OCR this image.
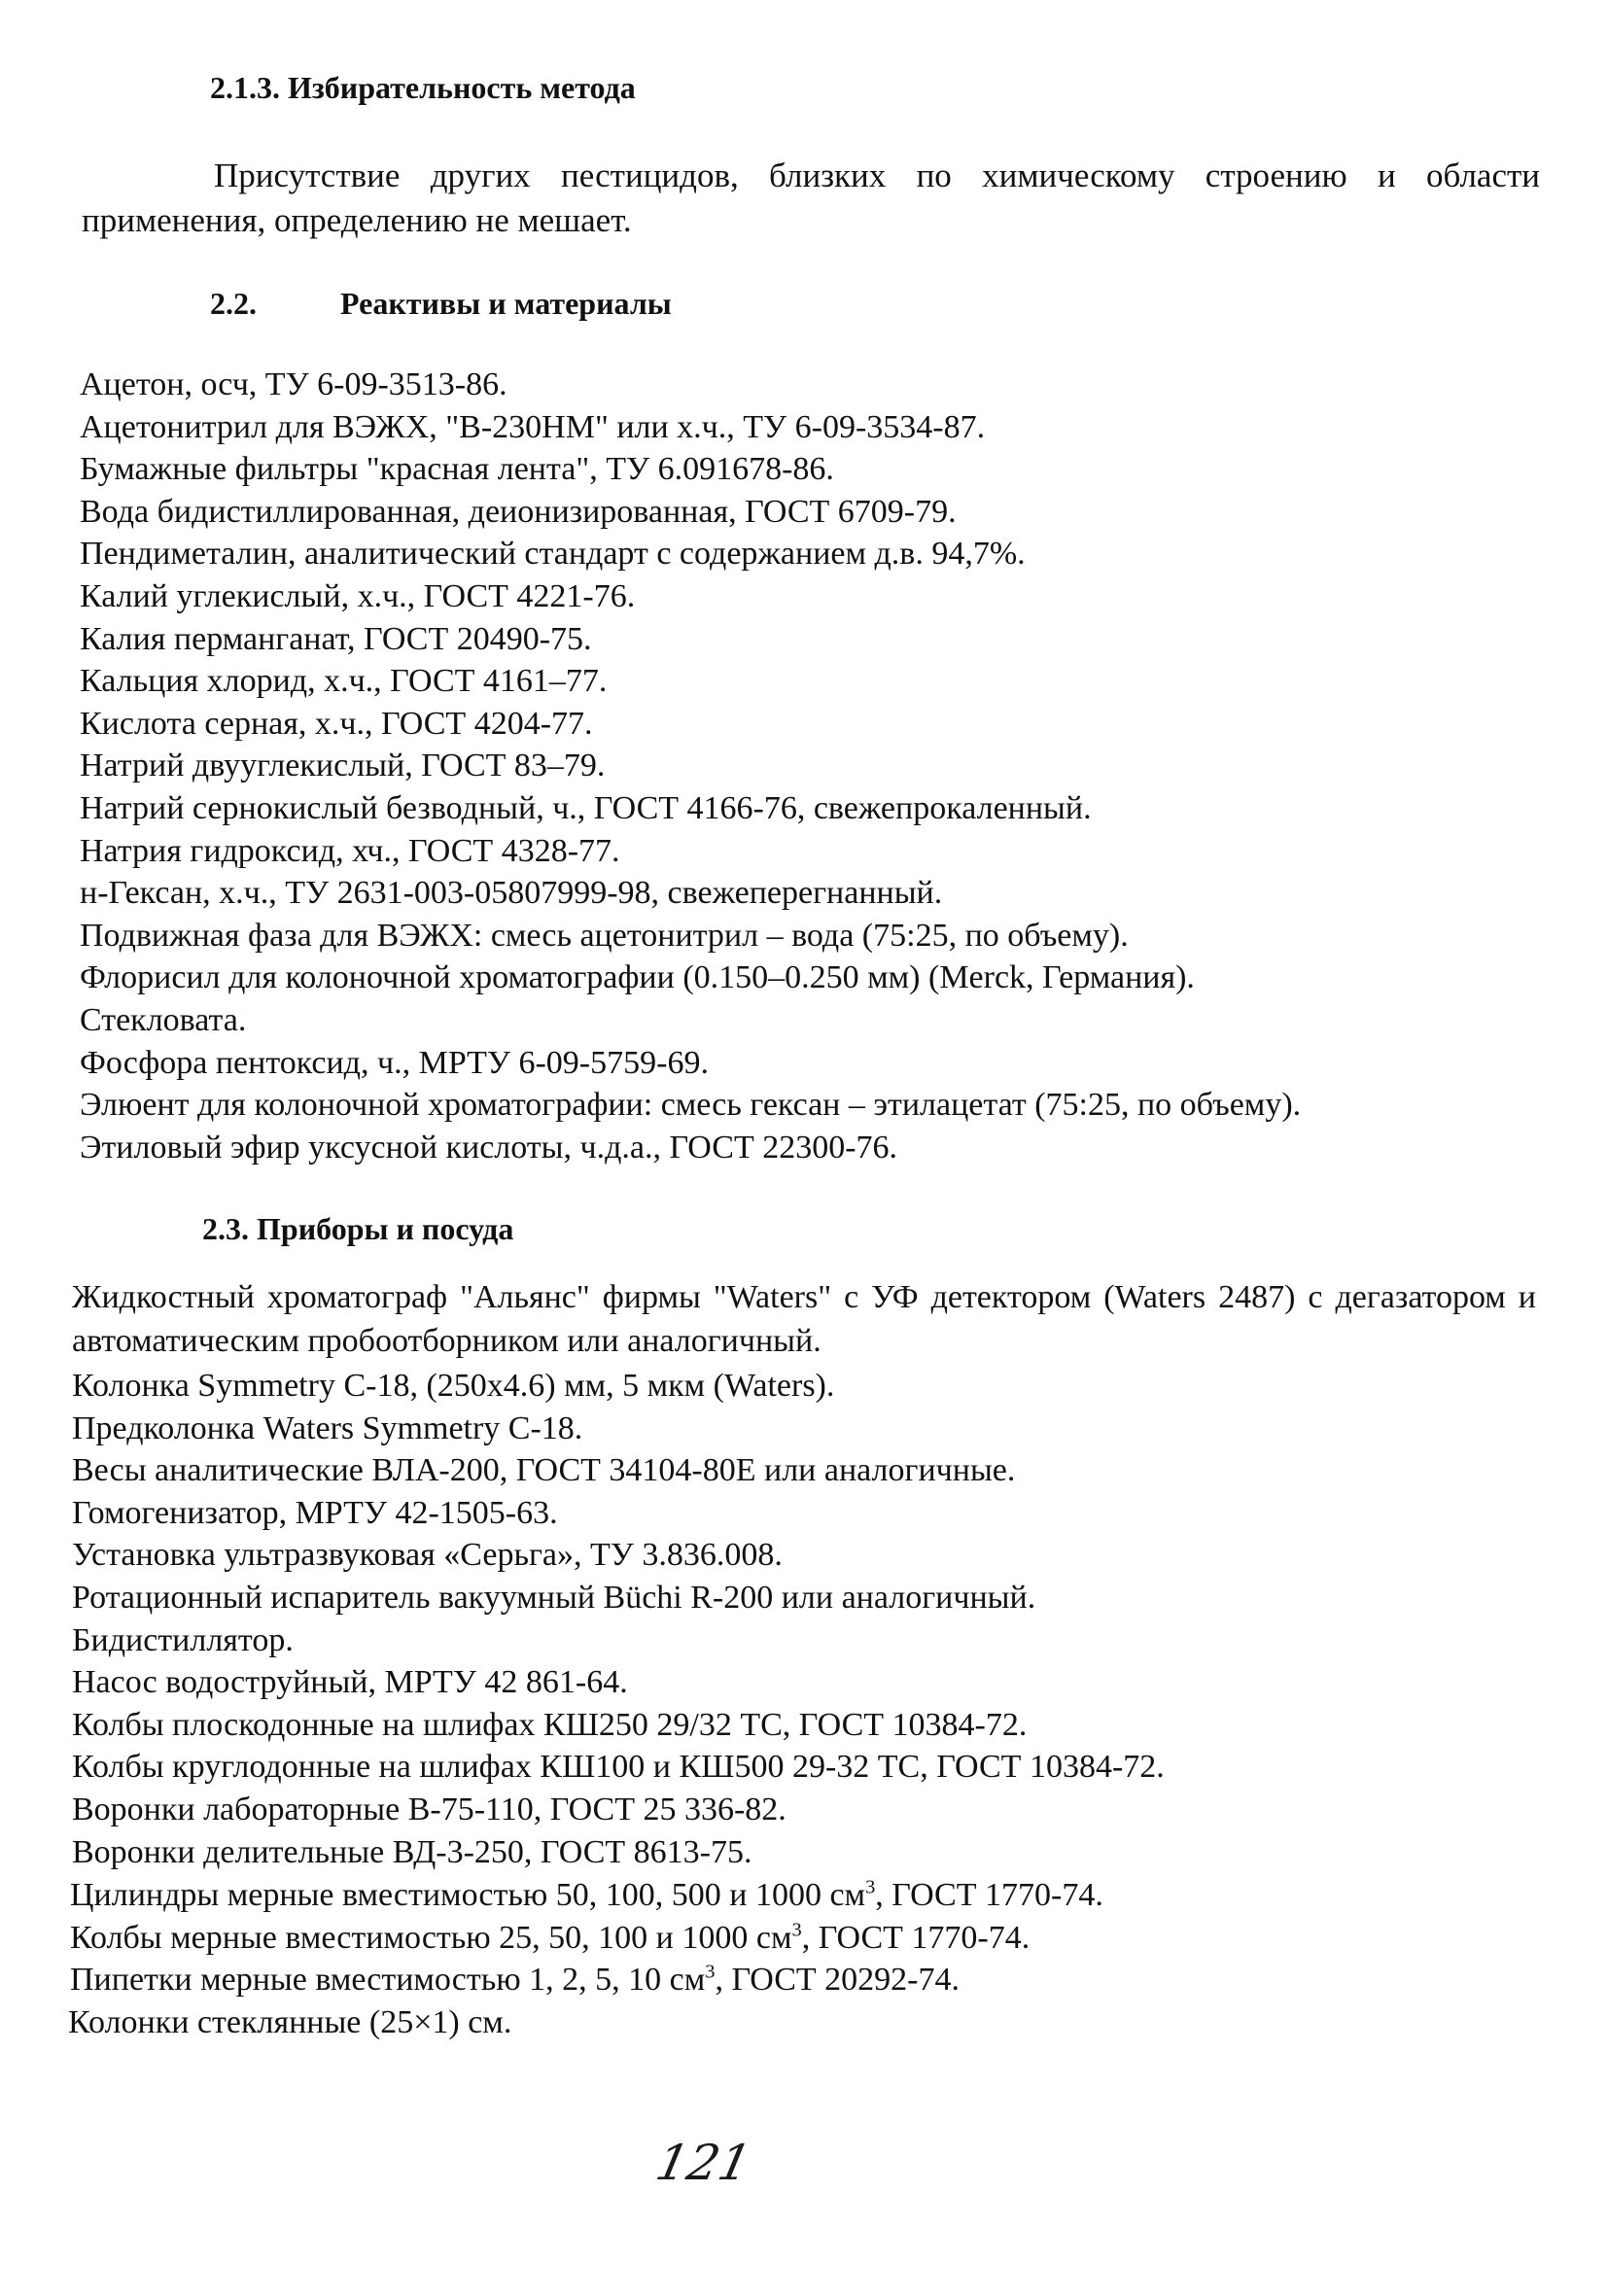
2.1.3. Избирательность метода
Присутствие других пестицидов, близких по химическому строению и области применения, определению не мешает.
2.2.	Реактивы и материалы
Ацетон, осч, ТУ 6-09-3513-86.
Ацетонитрил для ВЭЖХ, "В-230НМ" или х.ч., ТУ 6-09-3534-87.
Бумажные фильтры "красная лента", ТУ 6.091678-86.
Вода бидистиллированная, деионизированная, ГОСТ 6709-79.
Пендиметалин, аналитический стандарт с содержанием д.в. 94,7%.
Калий углекислый, х.ч., ГОСТ 4221-76.
Калия перманганат, ГОСТ 20490-75.
Кальция хлорид, х.ч., ГОСТ 4161–77.
Кислота серная, х.ч., ГОСТ 4204-77.
Натрий двууглекислый, ГОСТ 83–79.
Натрий сернокислый безводный, ч., ГОСТ 4166-76, свежепрокаленный.
Натрия гидроксид, хч., ГОСТ 4328-77.
н-Гексан, х.ч., ТУ 2631-003-05807999-98, свежеперегнанный.
Подвижная фаза для ВЭЖХ: смесь ацетонитрил – вода (75:25, по объему).
Флорисил для колоночной хроматографии (0.150–0.250 мм) (Merck, Германия).
Стекловата.
Фосфора пентоксид, ч., МРТУ 6-09-5759-69.
Элюент для колоночной хроматографии: смесь гексан – этилацетат (75:25, по объему).
Этиловый эфир уксусной кислоты, ч.д.а., ГОСТ 22300-76.
2.3. Приборы и посуда
Жидкостный хроматограф "Альянс" фирмы "Waters" с УФ детектором (Waters 2487) с дегазатором и автоматическим пробоотборником или аналогичный.
Колонка Symmetry С-18, (250x4.6) мм, 5 мкм (Waters).
Предколонка Waters Symmetry C-18.
Весы аналитические ВЛА-200, ГОСТ 34104-80Е или аналогичные.
Гомогенизатор, МРТУ 42-1505-63.
Установка ультразвуковая «Серьга», ТУ 3.836.008.
Ротационный испаритель вакуумный Büchi R-200 или аналогичный.
Бидистиллятор.
Насос водоструйный, МРТУ 42 861-64.
Колбы плоскодонные на шлифах КШ250 29/32 ТС, ГОСТ 10384-72.
Колбы круглодонные на шлифах КШ100 и КШ500 29-32 ТС, ГОСТ 10384-72.
Воронки лабораторные В-75-110, ГОСТ 25 336-82.
Воронки делительные ВД-3-250, ГОСТ 8613-75.
Цилиндры мерные вместимостью 50, 100, 500 и 1000 $см^3$, ГОСТ 1770-74.
Колбы мерные вместимостью 25, 50, 100 и 1000 $см^3$, ГОСТ 1770-74.
Пипетки мерные вместимостью 1, 2, 5, 10 $см^3$, ГОСТ 20292-74.
Колонки стеклянные (25×1) см.
121
